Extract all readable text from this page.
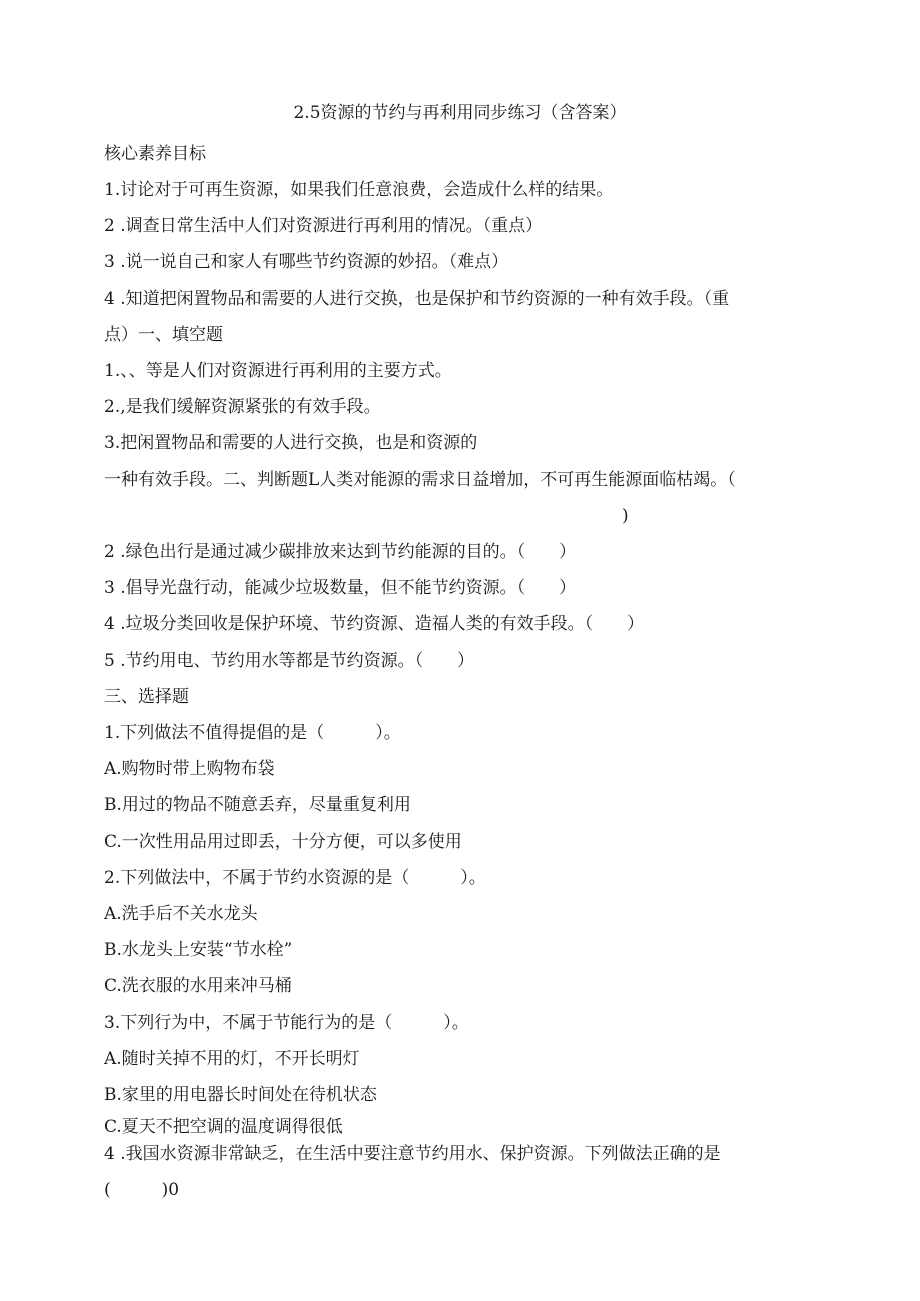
2.5资源的节约与再利用同步练习（含答案）
核心素养目标
1.讨论对于可再生资源，如果我们任意浪费，会造成什么样的结果。
2 .调查日常生活中人们对资源进行再利用的情况。（重点）
3 .说一说自己和家人有哪些节约资源的妙招。（难点）
4 .知道把闲置物品和需要的人进行交换，也是保护和节约资源的一种有效手段。（重
点）一、填空题
1.、、等是人们对资源进行再利用的主要方式。
2.,是我们缓解资源紧张的有效手段。
3.把闲置物品和需要的人进行交换，也是和资源的
一种有效手段。二、判断题L人类对能源的需求日益增加，不可再生能源面临枯竭。（
)
2 .绿色出行是通过减少碳排放来达到节约能源的目的。（　　）
3 .倡导光盘行动，能减少垃圾数量，但不能节约资源。（　　）
4 .垃圾分类回收是保护环境、节约资源、造福人类的有效手段。（　　）
5 .节约用电、节约用水等都是节约资源。（　　）
三、选择题
1.下列做法不值得提倡的是（　　　）。
A.购物时带上购物布袋
B.用过的物品不随意丢弃，尽量重复利用
C.一次性用品用过即丢，十分方便，可以多使用
2.下列做法中，不属于节约水资源的是（　　　）。
A.洗手后不关水龙头
B.水龙头上安装“节水栓”
C.洗衣服的水用来冲马桶
3.下列行为中，不属于节能行为的是（　　　）。
A.随时关掉不用的灯，不开长明灯
B.家里的用电器长时间处在待机状态
C.夏天不把空调的温度调得很低
4 .我国水资源非常缺乏，在生活中要注意节约用水、保护资源。下列做法正确的是
(　　　)0
